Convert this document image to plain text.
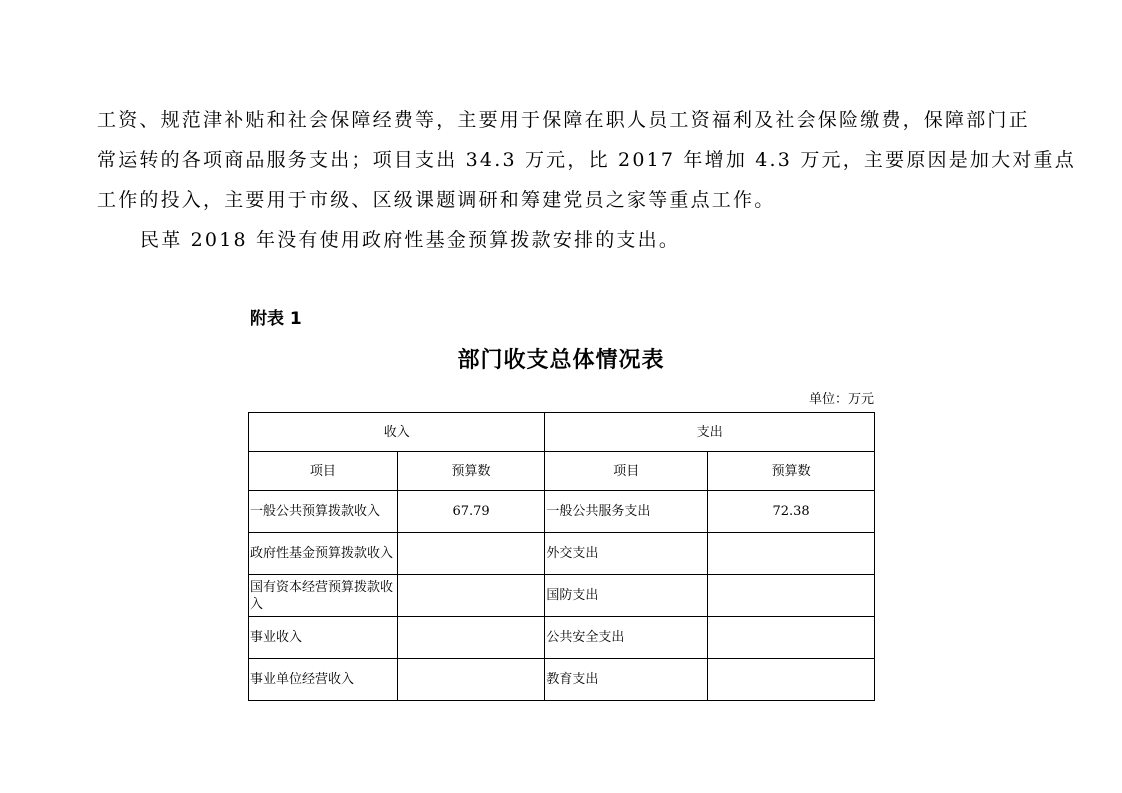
工资、规范津补贴和社会保障经费等，主要用于保障在职人员工资福利及社会保险缴费，保障部门正
常运转的各项商品服务支出；项目支出 34.3 万元，比 2017 年增加 4.3 万元，主要原因是加大对重点
工作的投入，主要用于市级、区级课题调研和筹建党员之家等重点工作。
民革 2018 年没有使用政府性基金预算拨款安排的支出。
附表 1
部门收支总体情况表
单位：万元
收入		支出	
项目	预算数	项目	预算数
一般公共预算拨款收入	67.79	一般公共服务支出	72.38
政府性基金预算拨款收入		外交支出	
国有资本经营预算拨款收入		国防支出	
事业收入		公共安全支出	
事业单位经营收入		教育支出	
